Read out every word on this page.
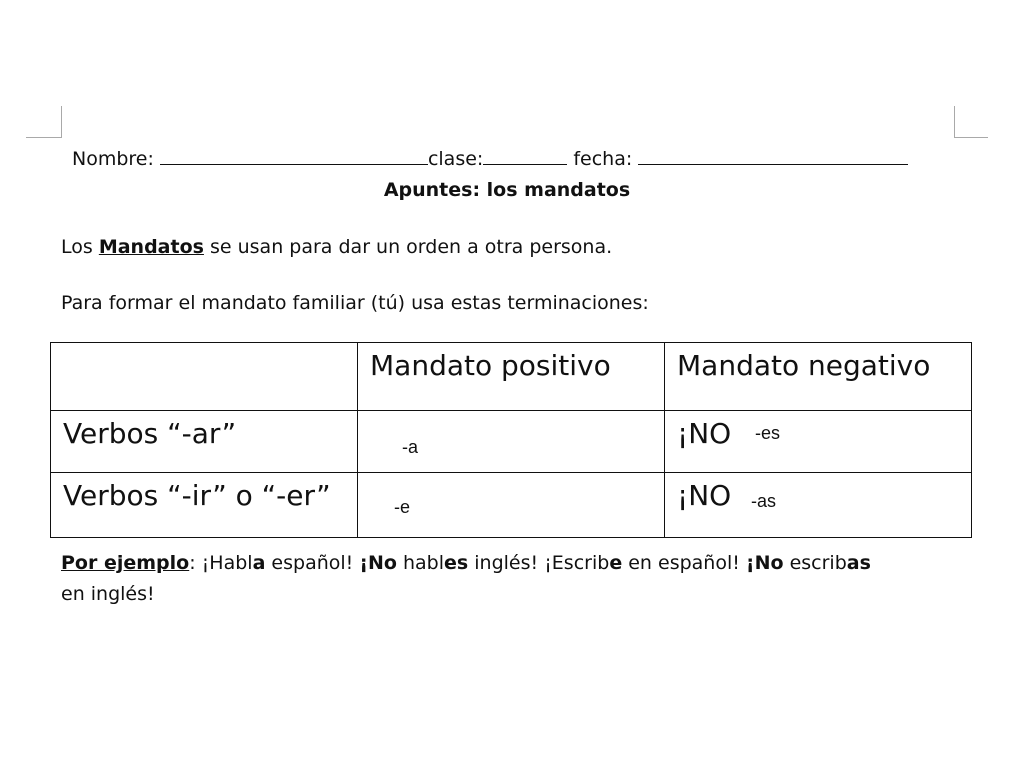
Nombre:	clase:	fecha:
Apuntes: los mandatos
Los Mandatos se usan para dar un orden a otra persona.
Para formar el mandato familiar (tú) usa estas terminaciones:

	Mandato positivo	Mandato negativo

Verbos “-ar”	-a	¡NO -es

Verbos “-ir” o “-er”	-e	¡NO -as
Por ejemplo: ¡Habla español! ¡No hables inglés! ¡Escribe en español! ¡No escribas
en inglés!
